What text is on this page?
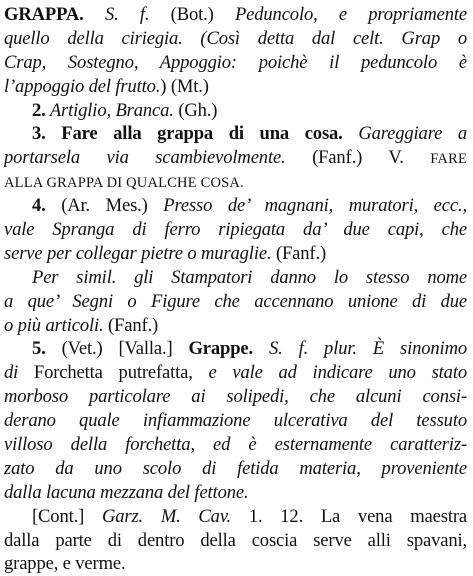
GRAPPA. S. f. (Bot.) Peduncolo, e propriamente
quello della ciriegia. (Così detta dal celt. Grap o
Crap, Sostegno, Appoggio: poichè il peduncolo è
l’appoggio del frutto.) (Mt.)
2. Artiglio, Branca. (Gh.)
3. Fare alla grappa di una cosa. Gareggiare a
portarsela via scambievolmente. (Fanf.) V. FARE
ALLA GRAPPA DI QUALCHE COSA.
4. (Ar. Mes.) Presso de’ magnani, muratori, ecc.,
vale Spranga di ferro ripiegata da’ due capi, che
serve per collegar pietre o muraglie. (Fanf.)
Per simil. gli Stampatori danno lo stesso nome
a que’ Segni o Figure che accennano unione di due
o più articoli. (Fanf.)
5. (Vet.) [Valla.] Grappe. S. f. plur. È sinonimo
di Forchetta putrefatta, e vale ad indicare uno stato
morboso particolare ai solipedi, che alcuni consi-
derano quale infiammazione ulcerativa del tessuto
villoso della forchetta, ed è esternamente caratteriz-
zato da uno scolo di fetida materia, proveniente
dalla lacuna mezzana del fettone.
[Cont.] Garz. M. Cav. 1. 12. La vena maestra
dalla parte di dentro della coscia serve alli spavani,
grappe, e verme.
